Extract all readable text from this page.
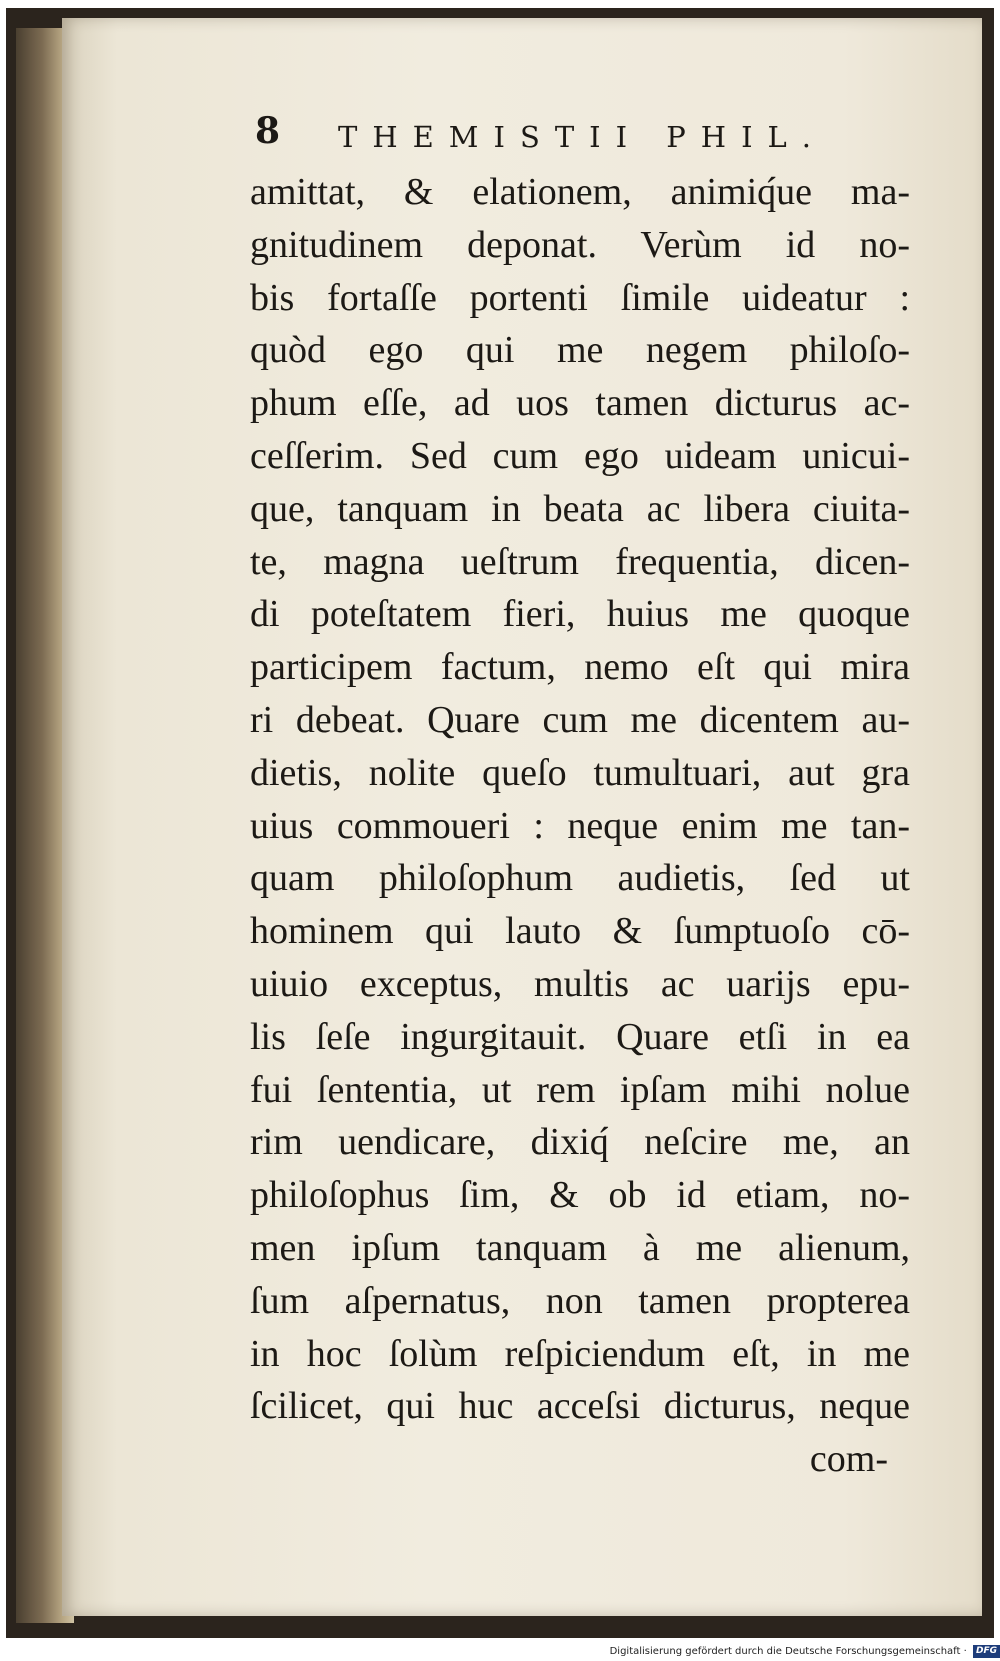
8 THEMISTII PHIL.
amittat, & elationem, animiq́ue ma-
gnitudinem deponat. Verùm id no-
bis fortaſſe portenti ſimile uideatur :
quòd ego qui me negem philoſo-
phum eſſe, ad uos tamen dicturus ac-
ceſſerim. Sed cum ego uideam unicui-
que, tanquam in beata ac libera ciuita-
te, magna ueſtrum frequentia, dicen-
di poteſtatem fieri, huius me quoque
participem factum, nemo eſt qui mira
ri debeat. Quare cum me dicentem au-
dietis, nolite queſo tumultuari, aut gra
uius commoueri : neque enim me tan-
quam philoſophum audietis, ſed ut
hominem qui lauto & ſumptuoſo cō-
uiuio exceptus, multis ac uarijs epu-
lis ſeſe ingurgitauit. Quare etſi in ea
fui ſententia, ut rem ipſam mihi nolue
rim uendicare, dixiq́ neſcire me, an
philoſophus ſim, & ob id etiam, no-
men ipſum tanquam à me alienum,
ſum aſpernatus, non tamen propterea
in hoc ſolùm reſpiciendum eſt, in me
ſcilicet, qui huc acceſsi dicturus, neque
com-
Digitalisierung gefördert durch die Deutsche Forschungsgemeinschaft · DFG
